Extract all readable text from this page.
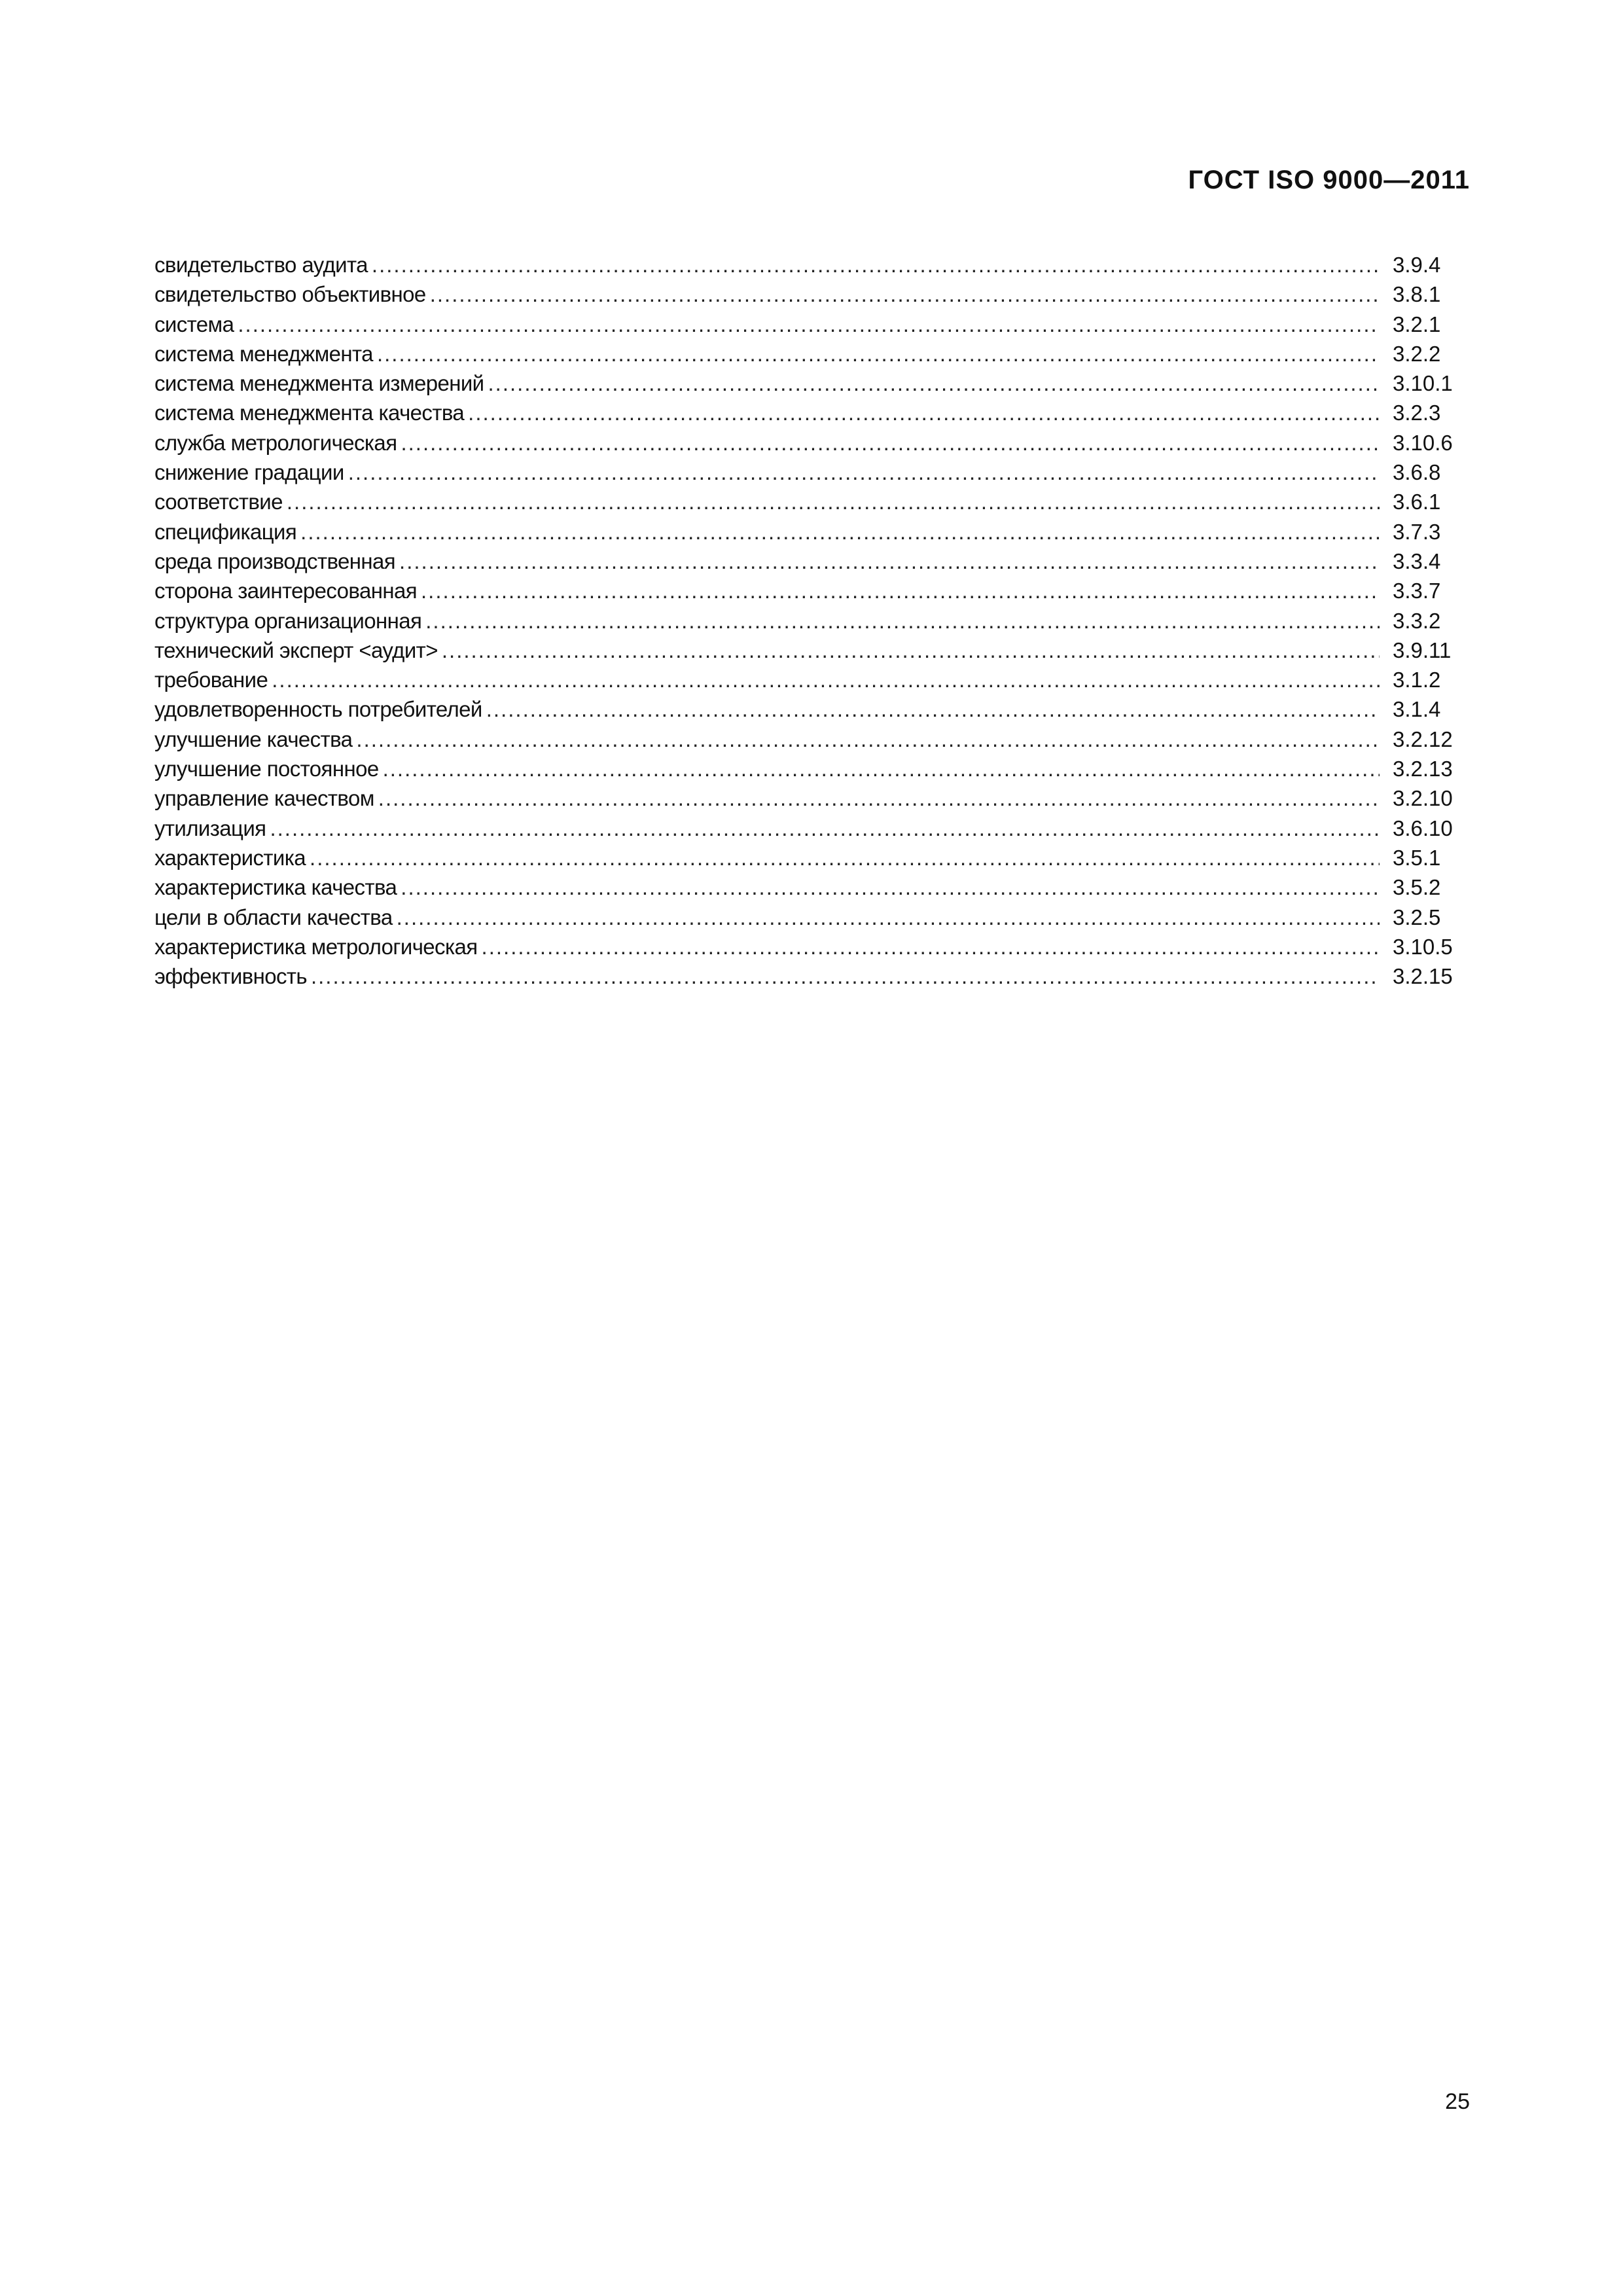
ГОСТ ISO 9000—2011
свидетельство аудита .....	3.9.4
свидетельство объективное .....	3.8.1
система .....	3.2.1
система менеджмента .....	3.2.2
система менеджмента измерений .....	3.10.1
система менеджмента качества .....	3.2.3
служба метрологическая .....	3.10.6
снижение градации .....	3.6.8
соответствие .....	3.6.1
спецификация .....	3.7.3
среда производственная .....	3.3.4
сторона заинтересованная .....	3.3.7
структура организационная .....	3.3.2
технический эксперт <аудит> .....	3.9.11
требование .....	3.1.2
удовлетворенность потребителей .....	3.1.4
улучшение качества .....	3.2.12
улучшение постоянное .....	3.2.13
управление качеством .....	3.2.10
утилизация .....	3.6.10
характеристика .....	3.5.1
характеристика качества .....	3.5.2
цели в области качества .....	3.2.5
характеристика метрологическая .....	3.10.5
эффективность .....	3.2.15
25
